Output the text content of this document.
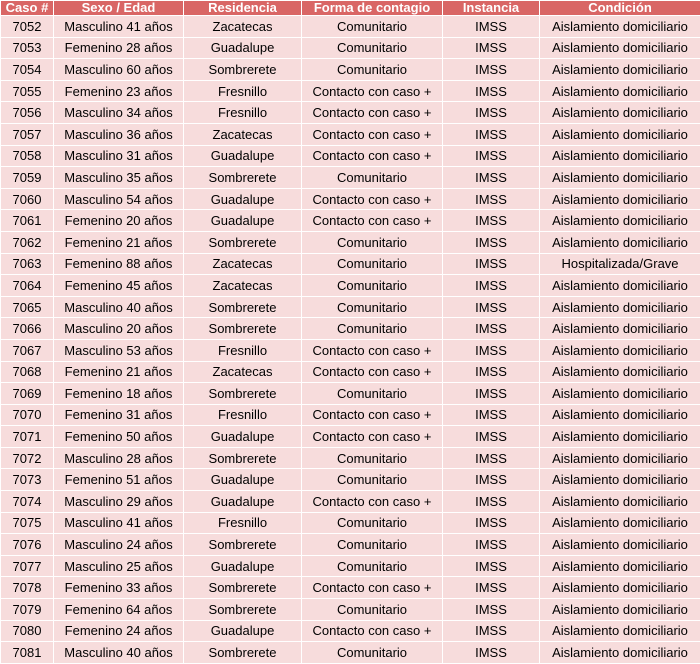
Caso #	Sexo / Edad	Residencia	Forma de contagio	Instancia	Condición
7052	Masculino 41 años	Zacatecas	Comunitario	IMSS	Aislamiento domiciliario
7053	Femenino 28 años	Guadalupe	Comunitario	IMSS	Aislamiento domiciliario
7054	Masculino 60 años	Sombrerete	Comunitario	IMSS	Aislamiento domiciliario
7055	Femenino 23 años	Fresnillo	Contacto con caso +	IMSS	Aislamiento domiciliario
7056	Masculino 34 años	Fresnillo	Contacto con caso +	IMSS	Aislamiento domiciliario
7057	Masculino 36 años	Zacatecas	Contacto con caso +	IMSS	Aislamiento domiciliario
7058	Masculino 31 años	Guadalupe	Contacto con caso +	IMSS	Aislamiento domiciliario
7059	Masculino 35 años	Sombrerete	Comunitario	IMSS	Aislamiento domiciliario
7060	Masculino 54 años	Guadalupe	Contacto con caso +	IMSS	Aislamiento domiciliario
7061	Femenino 20 años	Guadalupe	Contacto con caso +	IMSS	Aislamiento domiciliario
7062	Femenino 21 años	Sombrerete	Comunitario	IMSS	Aislamiento domiciliario
7063	Femenino 88 años	Zacatecas	Comunitario	IMSS	Hospitalizada/Grave
7064	Femenino 45 años	Zacatecas	Comunitario	IMSS	Aislamiento domiciliario
7065	Masculino 40 años	Sombrerete	Comunitario	IMSS	Aislamiento domiciliario
7066	Masculino 20 años	Sombrerete	Comunitario	IMSS	Aislamiento domiciliario
7067	Masculino 53 años	Fresnillo	Contacto con caso +	IMSS	Aislamiento domiciliario
7068	Femenino 21 años	Zacatecas	Contacto con caso +	IMSS	Aislamiento domiciliario
7069	Femenino 18 años	Sombrerete	Comunitario	IMSS	Aislamiento domiciliario
7070	Femenino 31 años	Fresnillo	Contacto con caso +	IMSS	Aislamiento domiciliario
7071	Femenino 50 años	Guadalupe	Contacto con caso +	IMSS	Aislamiento domiciliario
7072	Masculino 28 años	Sombrerete	Comunitario	IMSS	Aislamiento domiciliario
7073	Femenino 51 años	Guadalupe	Comunitario	IMSS	Aislamiento domiciliario
7074	Masculino 29 años	Guadalupe	Contacto con caso +	IMSS	Aislamiento domiciliario
7075	Masculino 41 años	Fresnillo	Comunitario	IMSS	Aislamiento domiciliario
7076	Masculino 24 años	Sombrerete	Comunitario	IMSS	Aislamiento domiciliario
7077	Masculino 25 años	Guadalupe	Comunitario	IMSS	Aislamiento domiciliario
7078	Femenino 33 años	Sombrerete	Contacto con caso +	IMSS	Aislamiento domiciliario
7079	Femenino 64 años	Sombrerete	Comunitario	IMSS	Aislamiento domiciliario
7080	Femenino 24 años	Guadalupe	Contacto con caso +	IMSS	Aislamiento domiciliario
7081	Masculino 40 años	Sombrerete	Comunitario	IMSS	Aislamiento domiciliario
